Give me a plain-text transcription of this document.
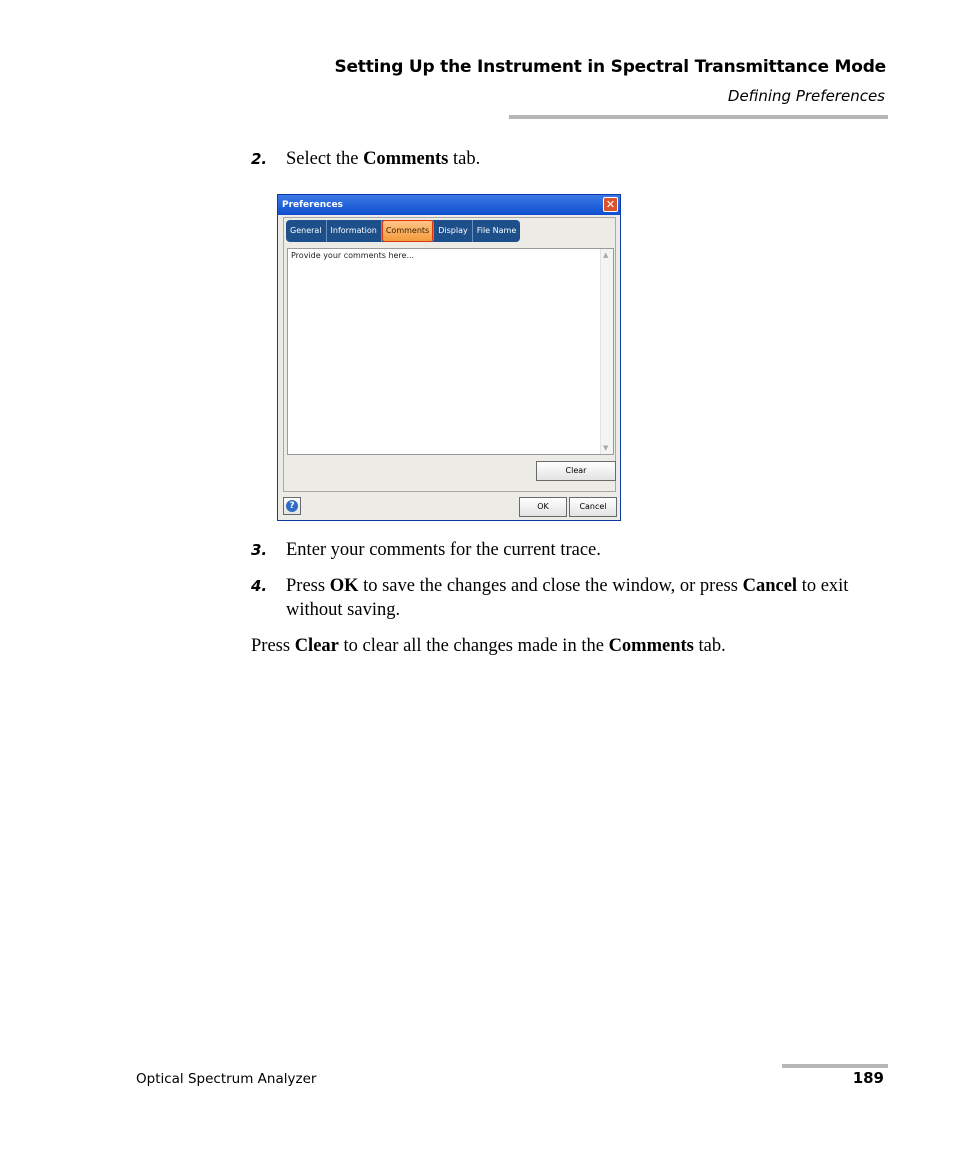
Setting Up the Instrument in Spectral Transmittance Mode
Defining Preferences
2. Select the Comments tab.
Preferences	✕
General	Information	Comments	Display	File Name
Provide your comments here...	▲
▼
Clear
?	OK	Cancel
3. Enter your comments for the current trace.
4. Press OK to save the changes and close the window, or press Cancel to exit without saving.
Press Clear to clear all the changes made in the Comments tab.
Optical Spectrum Analyzer	189
